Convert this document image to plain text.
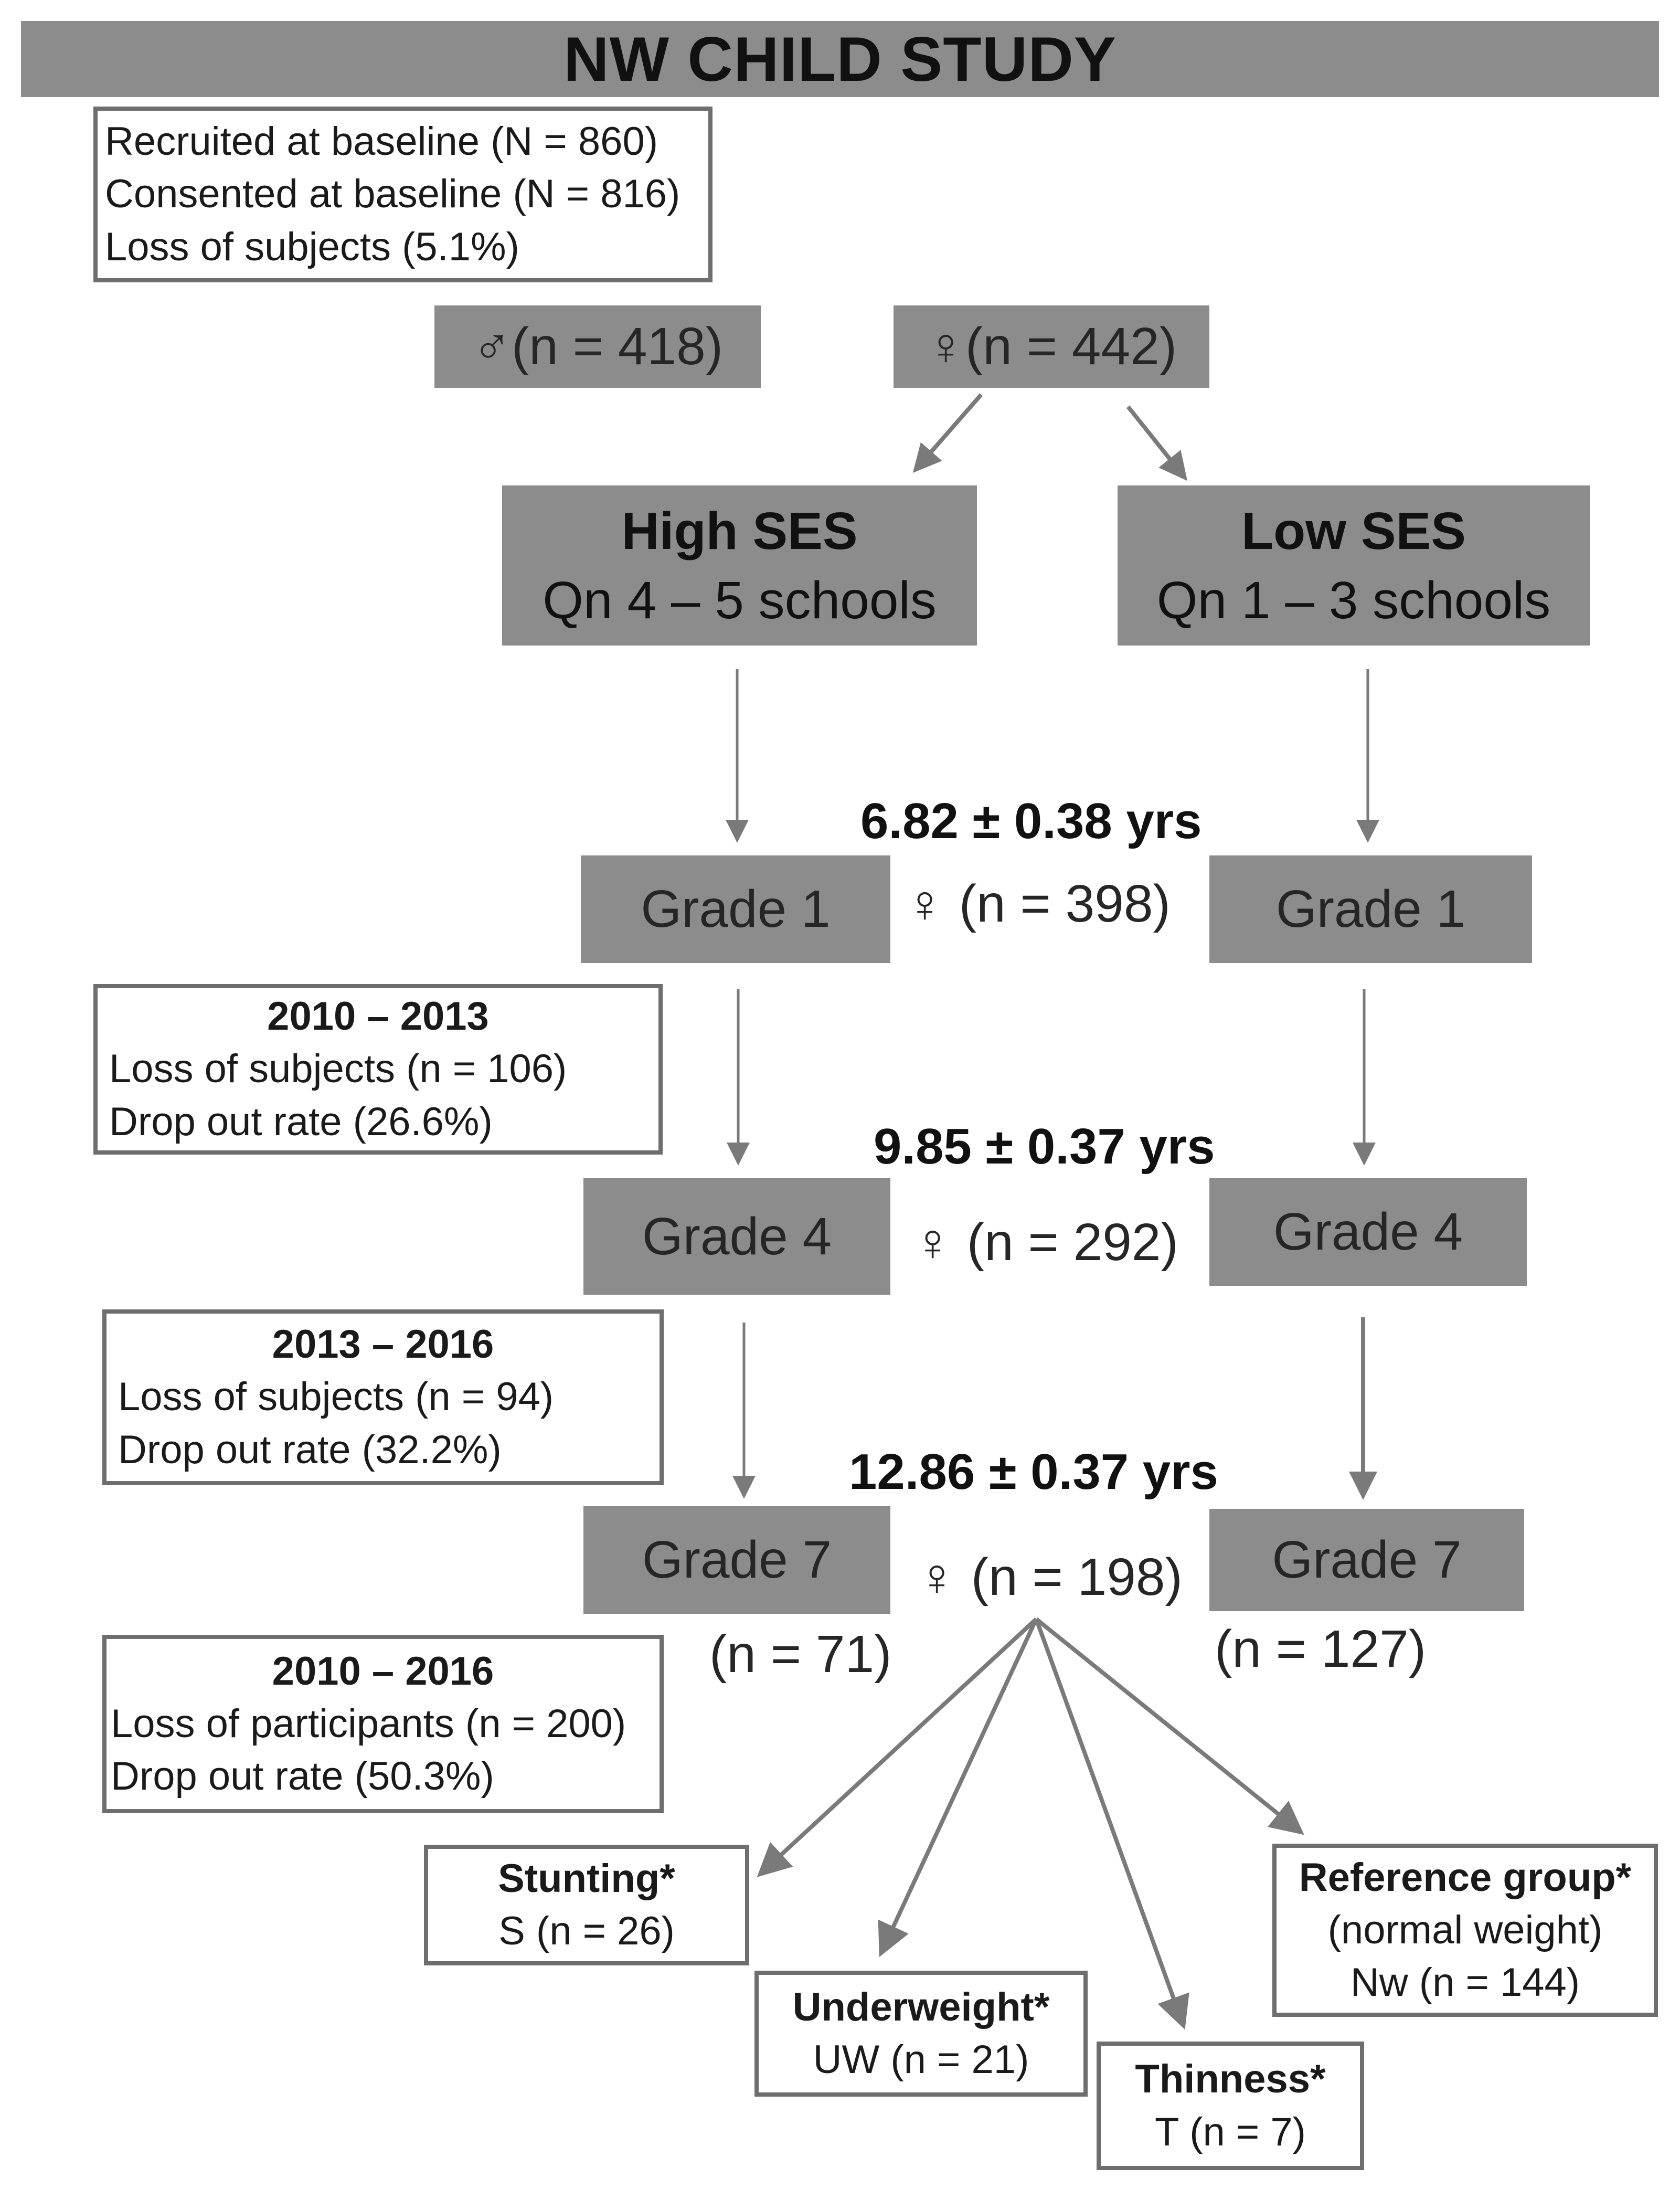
NW CHILD STUDY
Recruited at baseline (N = 860)
Consented at baseline (N = 816)
Loss of subjects (5.1%)
♂ (n = 418)	♀ (n = 442)
High SES
Qn 4 – 5 schools
Low SES
Qn 1 – 3 schools
6.82 ± 0.38 yrs
Grade 1 ♀ (n = 398) Grade 1
2010 – 2013
Loss of subjects (n = 106)
Drop out rate (26.6%)	9.85 ± 0.37 yrs
Grade 4 ♀ (n = 292) Grade 4
2013 – 2016
Loss of subjects (n = 94)
Drop out rate (32.2%)	12.86 ± 0.37 yrs
Grade 7 ♀ (n = 198) Grade 7
(n = 71)	(n = 127)
2010 – 2016
Loss of participants (n = 200)
Drop out rate (50.3%)
Stunting*
S (n = 26)
Underweight*
UW (n = 21)	Thinness*
T (n = 7)
Reference group*
(normal weight)
Nw (n = 144)
